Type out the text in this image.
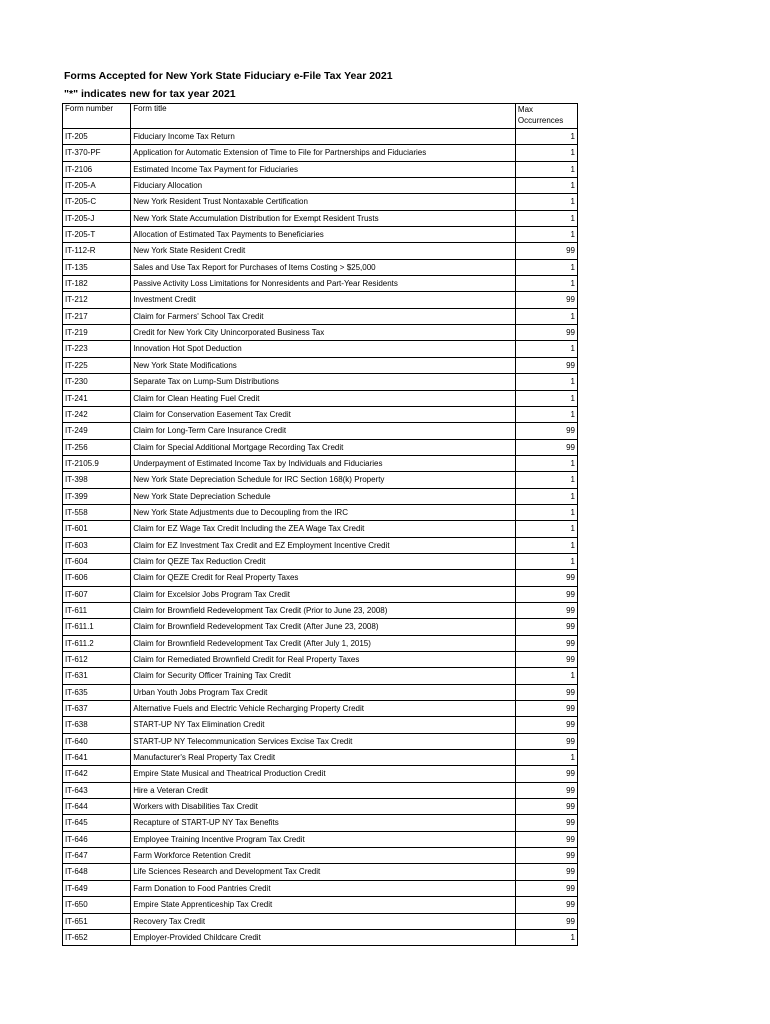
Forms Accepted for New York State Fiduciary e-File Tax Year 2021
"*" indicates new for tax year 2021
Form number	Form title	Max
Occurrences
IT-205	Fiduciary Income Tax Return	1
IT-370-PF	Application for Automatic Extension of Time to File for Partnerships and Fiduciaries	1
IT-2106	Estimated Income Tax Payment for Fiduciaries	1
IT-205-A	Fiduciary Allocation	1
IT-205-C	New York Resident Trust Nontaxable Certification	1
IT-205-J	New York State Accumulation Distribution for Exempt Resident Trusts	1
IT-205-T	Allocation of Estimated Tax Payments to Beneficiaries	1
IT-112-R	New York State Resident Credit	99
IT-135	Sales and Use Tax Report for Purchases of Items Costing > $25,000	1
IT-182	Passive Activity Loss Limitations for Nonresidents and Part-Year Residents	1
IT-212	Investment Credit	99
IT-217	Claim for Farmers' School Tax Credit	1
IT-219	Credit for New York City Unincorporated Business Tax	99
IT-223	Innovation Hot Spot Deduction	1
IT-225	New York State Modifications	99
IT-230	Separate Tax on Lump-Sum Distributions	1
IT-241	Claim for Clean Heating Fuel Credit	1
IT-242	Claim for Conservation Easement Tax Credit	1
IT-249	Claim for Long-Term Care Insurance Credit	99
IT-256	Claim for Special Additional Mortgage Recording Tax Credit	99
IT-2105.9	Underpayment of Estimated Income Tax by Individuals and Fiduciaries	1
IT-398	New York State Depreciation Schedule for IRC Section 168(k) Property	1
IT-399	New York State Depreciation Schedule	1
IT-558	New York State Adjustments due to Decoupling from the IRC	1
IT-601	Claim for EZ Wage Tax Credit Including the ZEA Wage Tax Credit	1
IT-603	Claim for EZ Investment Tax Credit and EZ Employment Incentive Credit	1
IT-604	Claim for QEZE Tax Reduction Credit	1
IT-606	Claim for QEZE Credit for Real Property Taxes	99
IT-607	Claim for Excelsior Jobs Program Tax Credit	99
IT-611	Claim for Brownfield Redevelopment Tax Credit (Prior to June 23, 2008)	99
IT-611.1	Claim for Brownfield Redevelopment Tax Credit (After June 23, 2008)	99
IT-611.2	Claim for Brownfield Redevelopment Tax Credit (After July 1, 2015)	99
IT-612	Claim for Remediated Brownfield Credit for Real Property Taxes	99
IT-631	Claim for Security Officer Training Tax Credit	1
IT-635	Urban Youth Jobs Program Tax Credit	99
IT-637	Alternative Fuels and Electric Vehicle Recharging Property Credit	99
IT-638	START-UP NY Tax Elimination Credit	99
IT-640	START-UP NY Telecommunication Services Excise Tax Credit	99
IT-641	Manufacturer's Real Property Tax Credit	1
IT-642	Empire State Musical and Theatrical Production Credit	99
IT-643	Hire a Veteran Credit	99
IT-644	Workers with Disabilities Tax Credit	99
IT-645	Recapture of START-UP NY Tax Benefits	99
IT-646	Employee Training Incentive Program Tax Credit	99
IT-647	Farm Workforce Retention Credit	99
IT-648	Life Sciences Research and Development Tax Credit	99
IT-649	Farm Donation to Food Pantries Credit	99
IT-650	Empire State Apprenticeship Tax Credit	99
IT-651	Recovery Tax Credit	99
IT-652	Employer-Provided Childcare Credit	1
